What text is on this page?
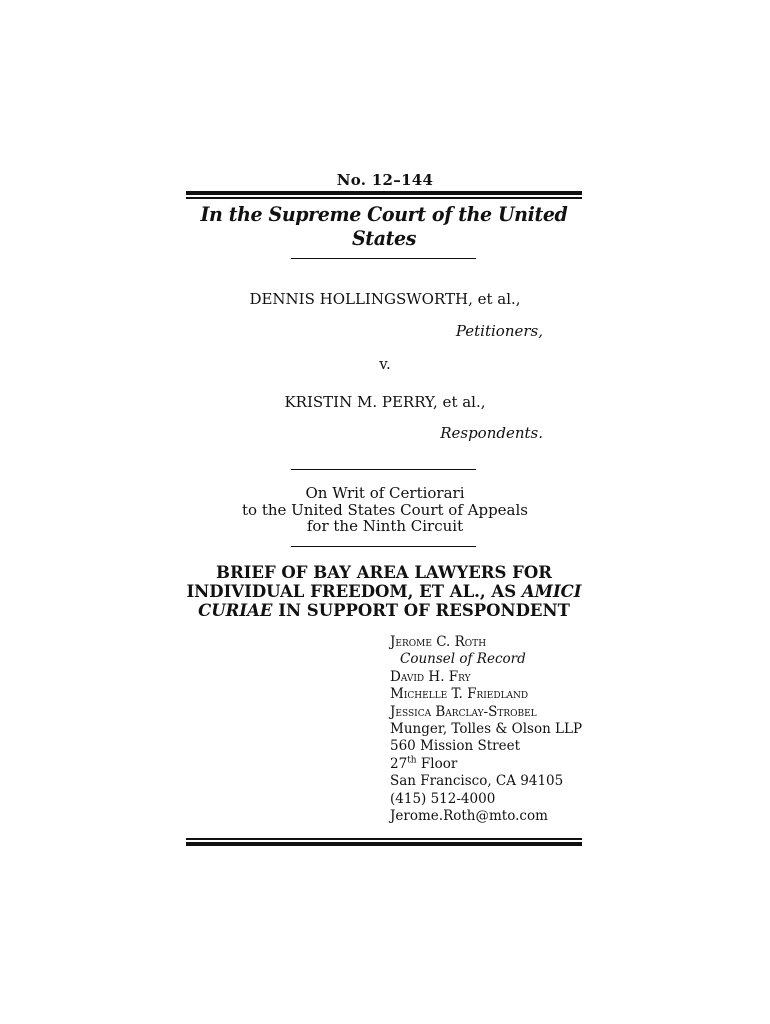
No. 12–144
In the Supreme Court of the United States
DENNIS HOLLINGSWORTH, et al.,
Petitioners,
v.
KRISTIN M. PERRY, et al.,
Respondents.
On Writ of Certiorari
to the United States Court of Appeals
for the Ninth Circuit
BRIEF OF BAY AREA LAWYERS FOR
INDIVIDUAL FREEDOM, ET AL., AS AMICI
CURIAE IN SUPPORT OF RESPONDENT
Jerome C. Roth
Counsel of Record
David H. Fry
Michelle T. Friedland
Jessica Barclay-Strobel
Munger, Tolles & Olson LLP
560 Mission Street
27th Floor
San Francisco, CA 94105
(415) 512-4000
Jerome.Roth@mto.com
